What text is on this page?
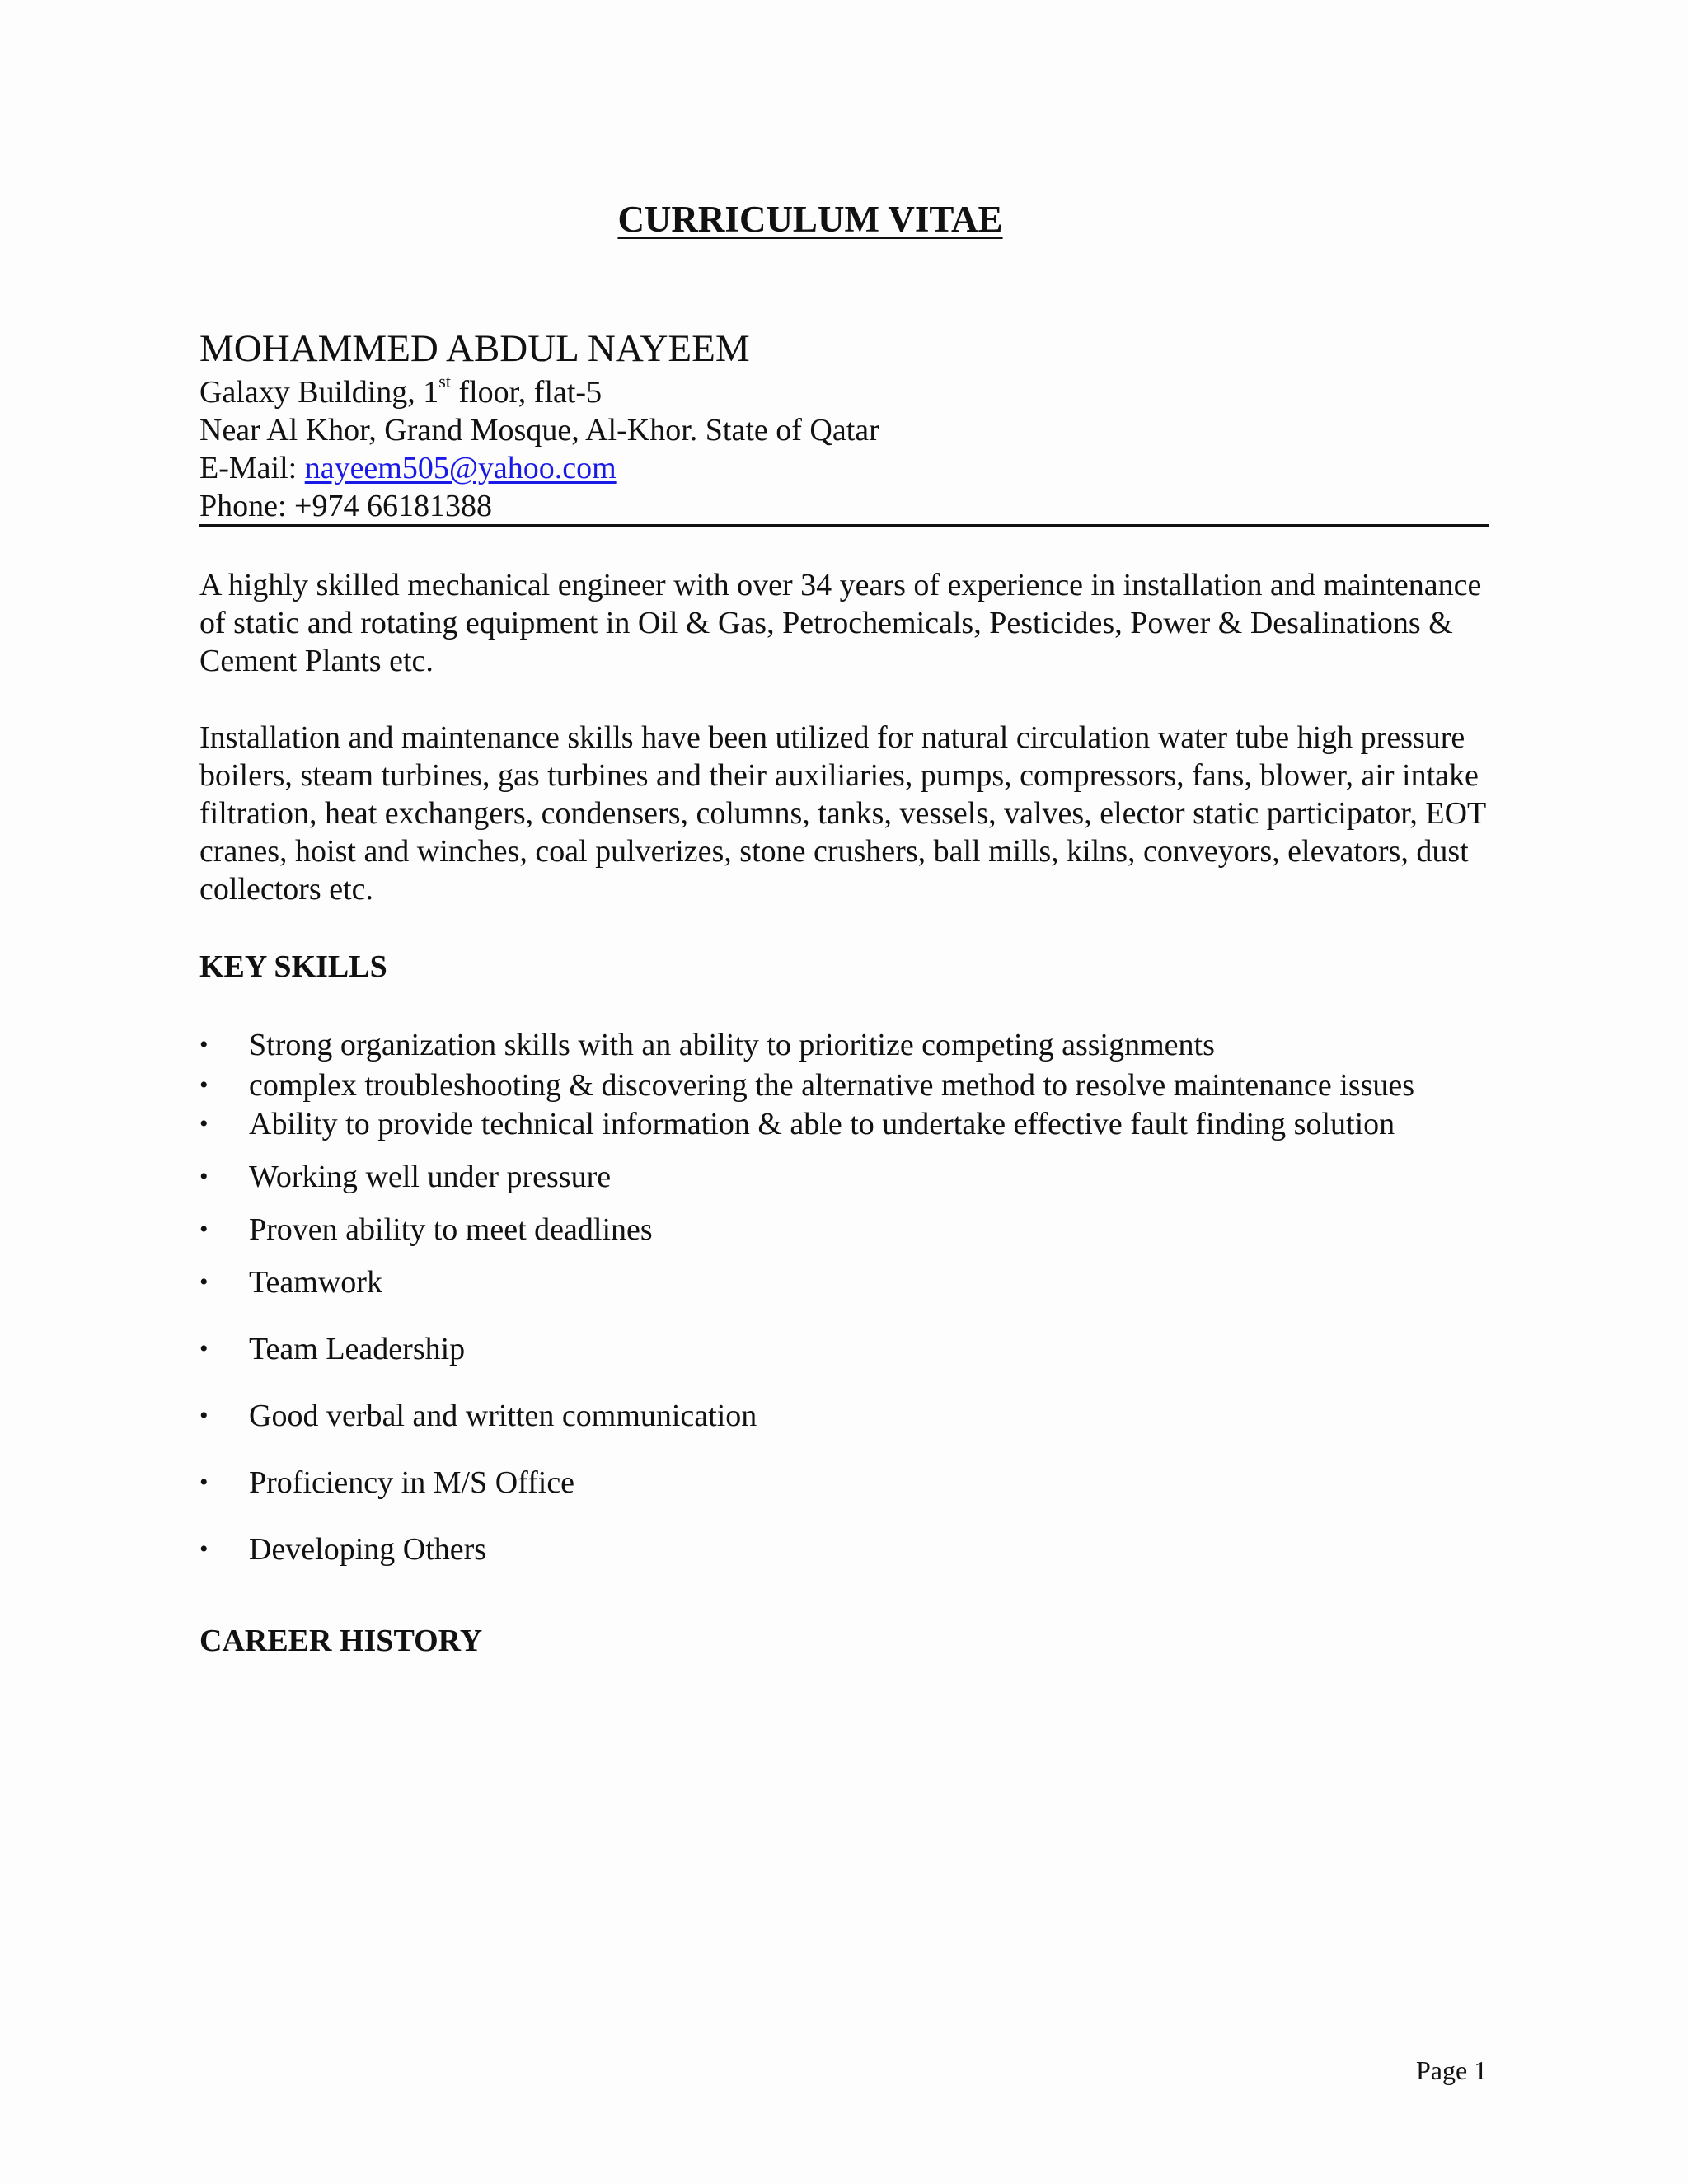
CURRICULUM VITAE
MOHAMMED ABDUL NAYEEM
Galaxy Building, 1st floor, flat-5
Near Al Khor, Grand Mosque, Al-Khor. State of Qatar
E-Mail: nayeem505@yahoo.com
Phone: +974 66181388
A highly skilled mechanical engineer with over 34 years of experience in installation and maintenance of static and rotating equipment in Oil & Gas, Petrochemicals, Pesticides, Power & Desalinations & Cement Plants etc.
Installation and maintenance skills have been utilized for natural circulation water tube high pressure boilers, steam turbines, gas turbines and their auxiliaries, pumps, compressors, fans, blower, air intake filtration, heat exchangers, condensers, columns, tanks, vessels, valves, elector static participator, EOT cranes, hoist and winches, coal pulverizes, stone crushers, ball mills, kilns, conveyors, elevators, dust collectors etc.
KEY SKILLS
• Strong organization skills with an ability to prioritize competing assignments
• complex troubleshooting & discovering the alternative method to resolve maintenance issues
• Ability to provide technical information & able to undertake effective fault finding solution
• Working well under pressure
• Proven ability to meet deadlines
• Teamwork
• Team Leadership
• Good verbal and written communication
• Proficiency in M/S Office
• Developing Others
CAREER HISTORY
Page 1
